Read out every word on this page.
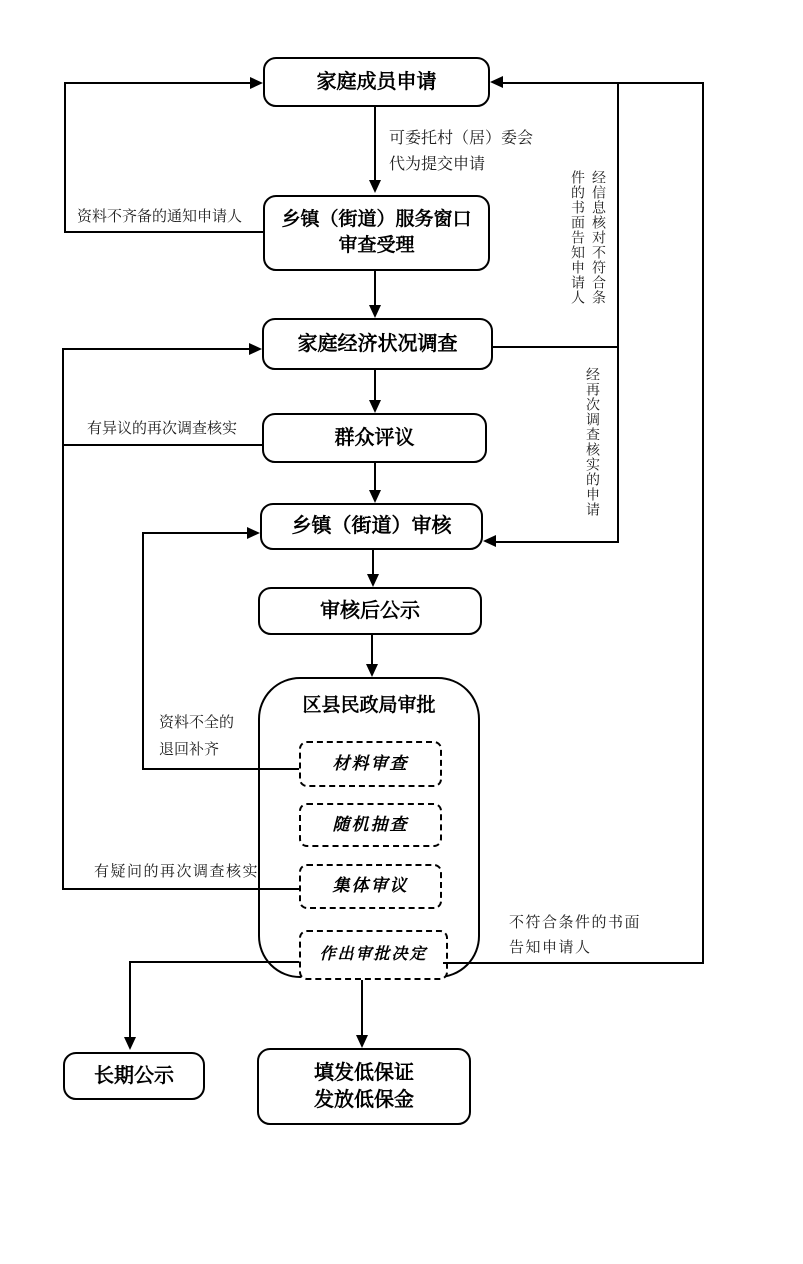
家庭成员申请
乡镇（街道）服务窗口
审查受理
家庭经济状况调查
群众评议
乡镇（街道）审核
审核后公示
区县民政局审批
材料审查
随机抽查
集体审议
作出审批决定
长期公示	填发低保证
发放低保金
可委托村（居）委会
代为提交申请
资料不齐备的通知申请人
有异议的再次调查核实
有疑问的再次调查核实
资料不全的
退回补齐
经信息核对不符合条件的书面告知申请人
经再次调查核实的申请
不符合条件的书面
告知申请人
